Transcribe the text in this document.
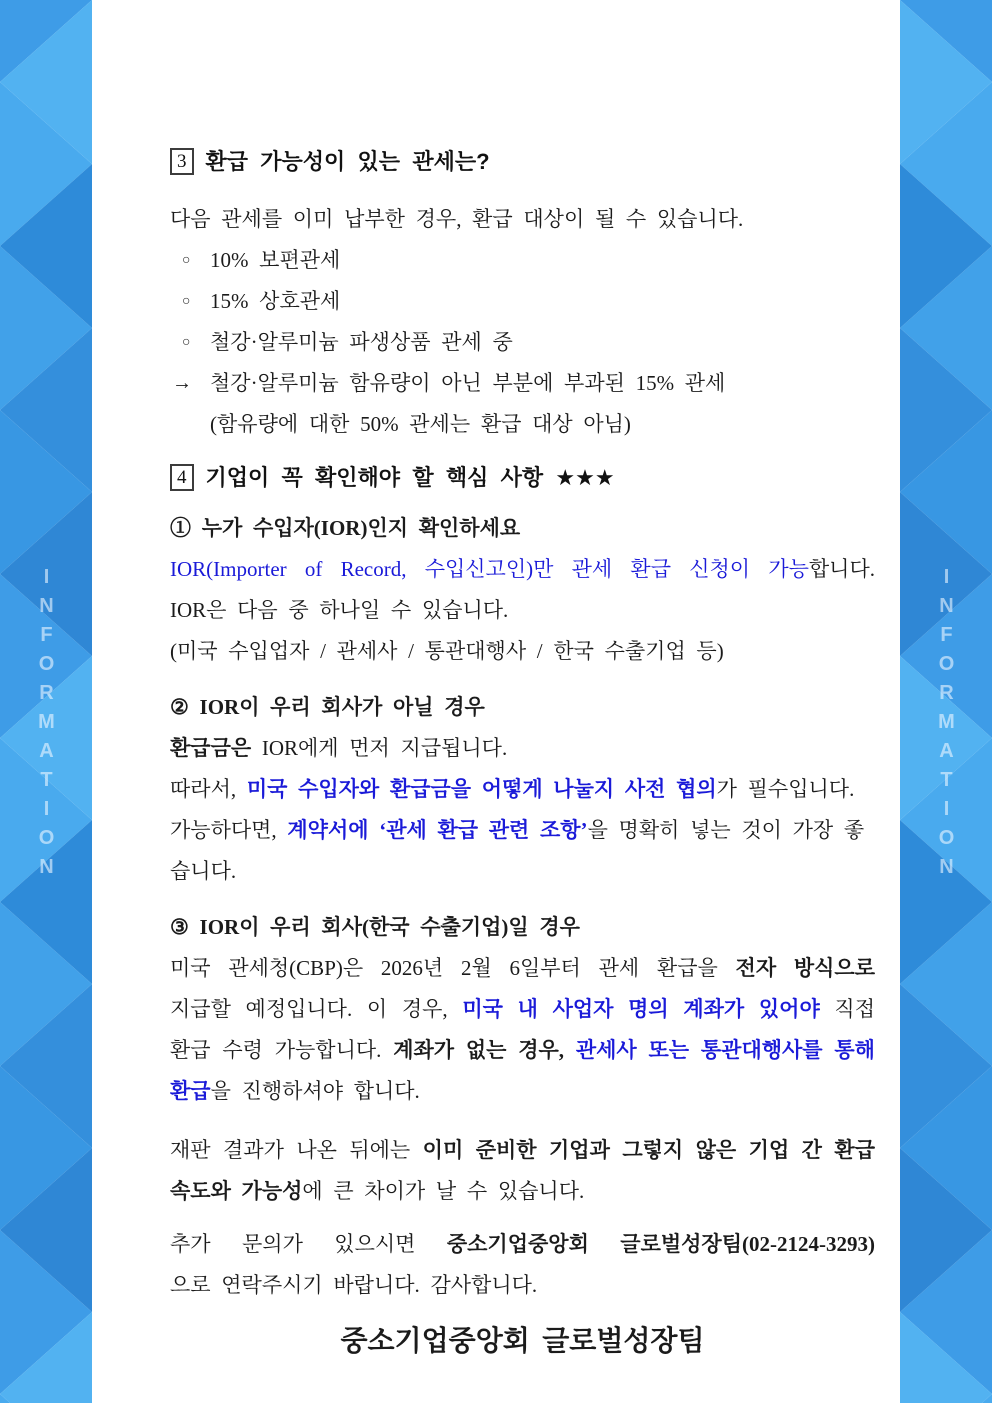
INFORMATION	INFORMATION
3 환급 가능성이 있는 관세는?
다음 관세를 이미 납부한 경우, 환급 대상이 될 수 있습니다.
○ 10% 보편관세
○ 15% 상호관세
○ 철강·알루미늄 파생상품 관세 중
→ 철강·알루미늄 함유량이 아닌 부분에 부과된 15% 관세
(함유량에 대한 50% 관세는 환급 대상 아님)
4 기업이 꼭 확인해야 할 핵심 사항 ★★★
① 누가 수입자(IOR)인지 확인하세요
IOR(Importer of Record, 수입신고인)만 관세 환급 신청이 가능합니다.
IOR은 다음 중 하나일 수 있습니다.
(미국 수입업자 / 관세사 / 통관대행사 / 한국 수출기업 등)
② IOR이 우리 회사가 아닐 경우
환급금은 IOR에게 먼저 지급됩니다.
따라서, 미국 수입자와 환급금을 어떻게 나눌지 사전 협의가 필수입니다.
가능하다면, 계약서에 ‘관세 환급 관련 조항’을 명확히 넣는 것이 가장 좋습니다.
③ IOR이 우리 회사(한국 수출기업)일 경우
미국 관세청(CBP)은 2026년 2월 6일부터 관세 환급을 전자 방식으로
지급할 예정입니다. 이 경우, 미국 내 사업자 명의 계좌가 있어야 직접
환급 수령 가능합니다. 계좌가 없는 경우, 관세사 또는 통관대행사를 통해
환급을 진행하셔야 합니다.
재판 결과가 나온 뒤에는 이미 준비한 기업과 그렇지 않은 기업 간 환급
속도와 가능성에 큰 차이가 날 수 있습니다.
추가 문의가 있으시면 중소기업중앙회 글로벌성장팀(02-2124-3293)
으로 연락주시기 바랍니다. 감사합니다.
중소기업중앙회 글로벌성장팀
